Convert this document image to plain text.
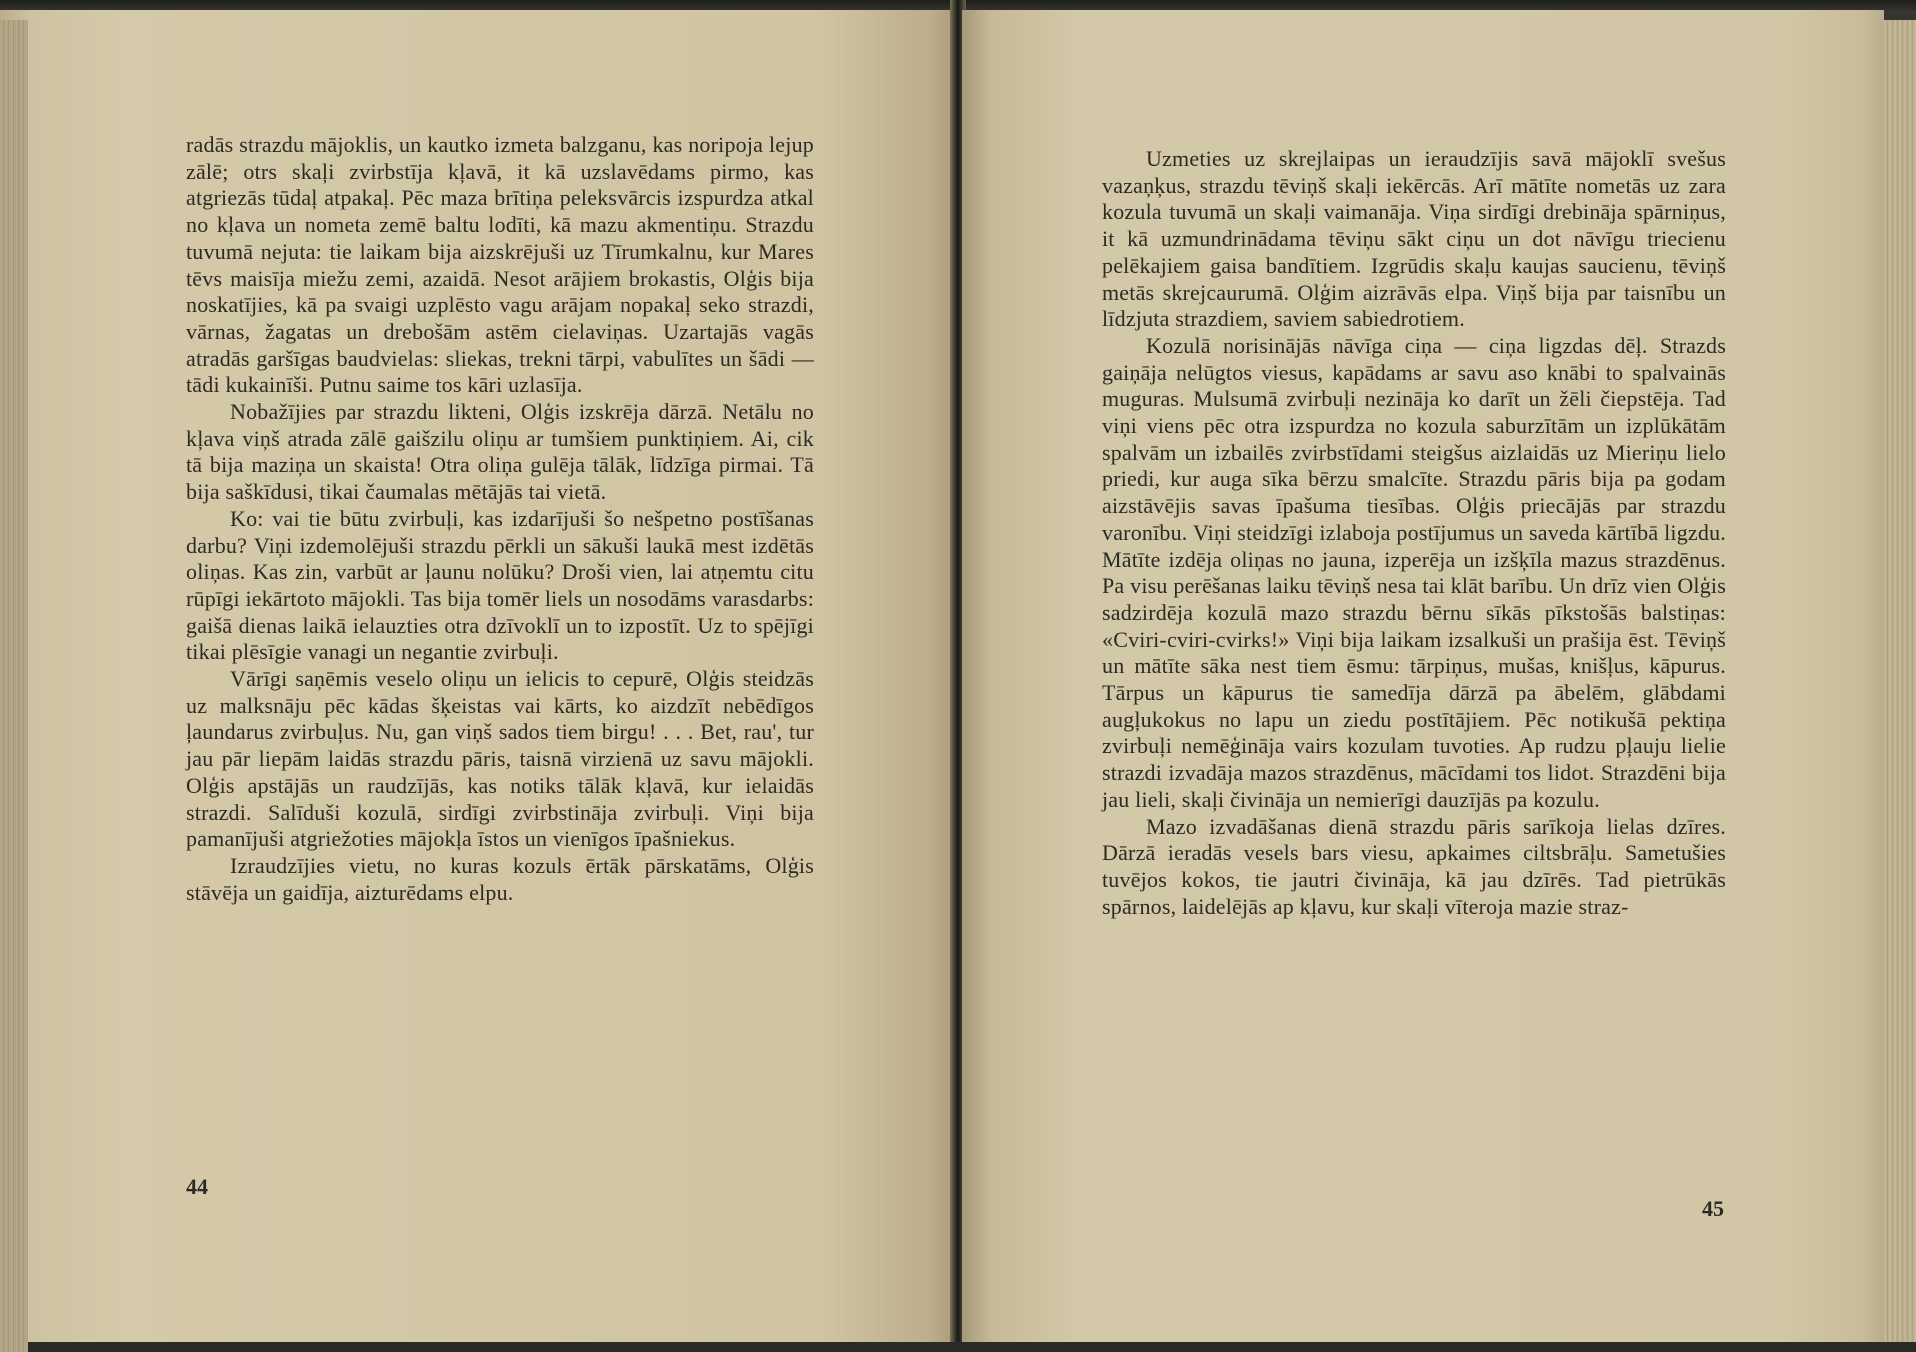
radās strazdu mājoklis, un kautko izmeta balzganu, kas noripoja lejup zālē; otrs skaļi zvirbstīja kļavā, it kā uzslavēdams pirmo, kas atgriezās tūdaļ atpakaļ. Pēc maza brītiņa peleksvārcis izspurdza atkal no kļava un nometa zemē baltu lodīti, kā mazu akmentiņu. Strazdu tuvumā nejuta: tie laikam bija aizskrējuši uz Tīrumkalnu, kur Mares tēvs maisīja miežu zemi, azaidā. Nesot arājiem brokastis, Olģis bija noskatījies, kā pa svaigi uzplēsto vagu arājam nopakaļ seko strazdi, vārnas, žagatas un drebošām astēm cielaviņas. Uzartajās vagās atradās garšīgas baudvielas: sliekas, trekni tārpi, vabulītes un šādi — tādi kukainīši. Putnu saime tos kāri uzlasīja.

Nobažījies par strazdu likteni, Olģis izskrēja dārzā. Netālu no kļava viņš atrada zālē gaišzilu oliņu ar tumšiem punktiņiem. Ai, cik tā bija maziņa un skaista! Otra oliņa gulēja tālāk, līdzīga pirmai. Tā bija saškīdusi, tikai čaumalas mētājās tai vietā.

Ko: vai tie būtu zvirbuļi, kas izdarījuši šo nešpetno postīšanas darbu? Viņi izdemolējuši strazdu pērkli un sākuši laukā mest izdētās oliņas. Kas zin, varbūt ar ļaunu nolūku? Droši vien, lai atņemtu citu rūpīgi iekārtoto mājokli. Tas bija tomēr liels un nosodāms varasdarbs: gaišā dienas laikā ielauzties otra dzīvoklī un to izpostīt. Uz to spējīgi tikai plēsīgie vanagi un negantie zvirbuļi.

Vārīgi saņēmis veselo oliņu un ielicis to cepurē, Olģis steidzās uz malksnāju pēc kādas šķeistas vai kārts, ko aizdzīt nebēdīgos ļaundarus zvirbuļus. Nu, gan viņš sados tiem birgu! . . . Bet, rau', tur jau pār liepām laidās strazdu pāris, taisnā virzienā uz savu mājokli. Olģis apstājās un raudzījās, kas notiks tālāk kļavā, kur ielaidās strazdi. Salīduši kozulā, sirdīgi zvirbstināja zvirbuļi. Viņi bija pamanījuši atgriežoties mājokļa īstos un vienīgos īpašniekus.

Izraudzījies vietu, no kuras kozuls ērtāk pārskatāms, Olģis stāvēja un gaidīja, aizturēdams elpu.

44

Uzmeties uz skrejlaipas un ieraudzījis savā mājoklī svešus vazaņķus, strazdu tēviņš skaļi iekērcās. Arī mātīte nometās uz zara kozula tuvumā un skaļi vaimanāja. Viņa sirdīgi drebināja spārniņus, it kā uzmundrinādama tēviņu sākt ciņu un dot nāvīgu triecienu pelēkajiem gaisa bandītiem. Izgrūdis skaļu kaujas saucienu, tēviņš metās skrejcaurumā. Olģim aizrāvās elpa. Viņš bija par taisnību un līdzjuta strazdiem, saviem sabiedrotiem.

Kozulā norisinājās nāvīga ciņa — ciņa ligzdas dēļ. Strazds gaiņāja nelūgtos viesus, kapādams ar savu aso knābi to spalvainās muguras. Mulsumā zvirbuļi nezināja ko darīt un žēli čiepstēja. Tad viņi viens pēc otra izspurdza no kozula saburzītām un izplūkātām spalvām un izbailēs zvirbstīdami steigšus aizlaidās uz Mieriņu lielo priedi, kur auga sīka bērzu smalcīte. Strazdu pāris bija pa godam aizstāvējis savas īpašuma tiesības. Olģis priecājās par strazdu varonību. Viņi steidzīgi izlaboja postījumus un saveda kārtībā ligzdu. Mātīte izdēja oliņas no jauna, izperēja un izšķīla mazus strazdēnus. Pa visu perēšanas laiku tēviņš nesa tai klāt barību. Un drīz vien Olģis sadzirdēja kozulā mazo strazdu bērnu sīkās pīkstošās balstiņas: «Cviri-cviri-cvirks!» Viņi bija laikam izsalkuši un prašija ēst. Tēviņš un mātīte sāka nest tiem ēsmu: tārpiņus, mušas, knišļus, kāpurus. Tārpus un kāpurus tie samedīja dārzā pa ābelēm, glābdami augļukokus no lapu un ziedu postītājiem. Pēc notikušā pektiņa zvirbuļi nemēģināja vairs kozulam tuvoties. Ap rudzu pļauju lielie strazdi izvadāja mazos strazdēnus, mācīdami tos lidot. Strazdēni bija jau lieli, skaļi čivināja un nemierīgi dauzījās pa kozulu.

Mazo izvadāšanas dienā strazdu pāris sarīkoja lielas dzīres. Dārzā ieradās vesels bars viesu, apkaimes ciltsbrāļu. Sametušies tuvējos kokos, tie jautri čivināja, kā jau dzīrēs. Tad pietrūkās spārnos, laidelējās ap kļavu, kur skaļi vīteroja mazie straz-

45
